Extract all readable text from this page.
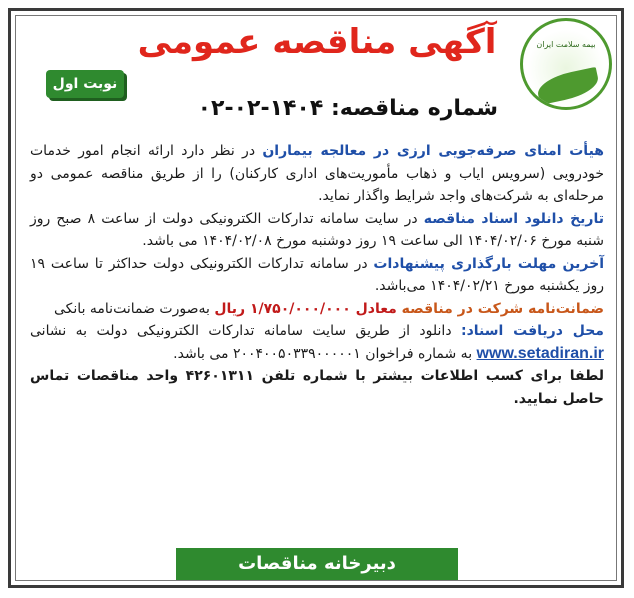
بیمه سلامت ایران
آگهی مناقصه عمومی
نوبت اول
شماره مناقصه: ۱۴۰۴-۰۲-۰۲

هیأت امنای صرفه‌جویی ارزی در معالجه بیماران در نظر دارد ارائه انجام امور خدمات خودرویی (سرویس ایاب و ذهاب مأموریت‌های اداری کارکنان) را از طریق مناقصه عمومی دو مرحله‌ای به شرکت‌های واجد شرایط واگذار نماید.

تاریخ دانلود اسناد مناقصه در سایت سامانه تدارکات الکترونیکی دولت از ساعت ۸ صبح روز شنبه مورخ ۱۴۰۴/۰۲/۰۶ الی ساعت ۱۹ روز دوشنبه مورخ ۱۴۰۴/۰۲/۰۸ می باشد.

آخرین مهلت بارگذاری پیشنهادات در سامانه تدارکات الکترونیکی دولت حداکثر تا ساعت ۱۹ روز یکشنبه مورخ ۱۴۰۴/۰۲/۲۱ می‌باشد.

ضمانت‌نامه شرکت در مناقصه معادل ۱/۷۵۰/۰۰۰/۰۰۰ ریال به‌صورت ضمانت‌نامه بانکی

محل دریافت اسناد: دانلود از طریق سایت سامانه تدارکات الکترونیکی دولت به نشانی www.setadiran.ir به شماره فراخوان ۲۰۰۴۰۰۵۰۳۳۹۰۰۰۰۰۱ می باشد.

لطفا برای کسب اطلاعات بیشتر با شماره تلفن ۴۲۶۰۱۳۱۱ واحد مناقصات تماس حاصل نمایید.

دبیرخانه مناقصات
